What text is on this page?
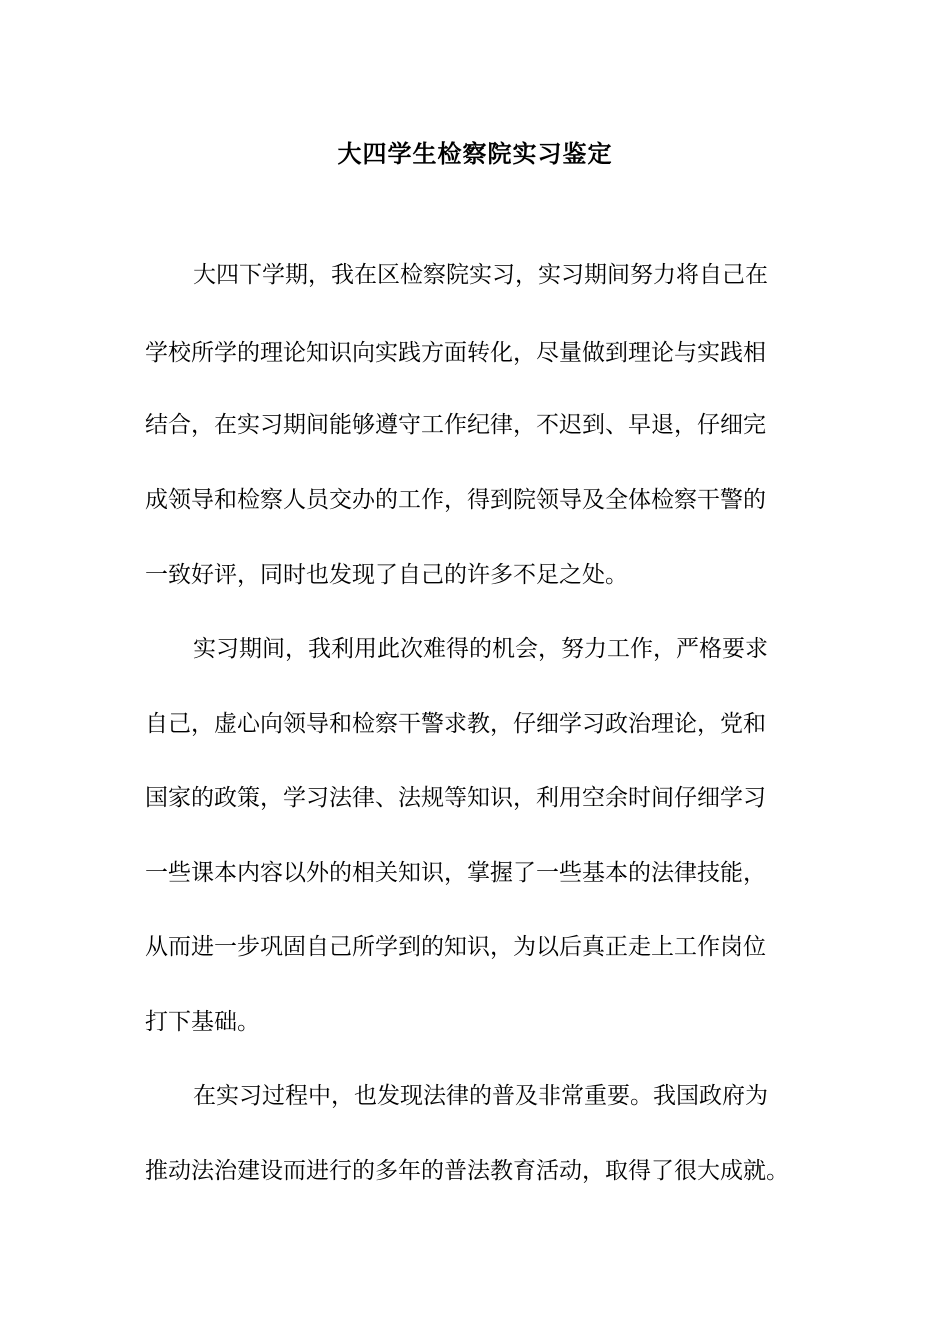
大四学生检察院实习鉴定

大四下学期，我在区检察院实习，实习期间努力将自己在

学校所学的理论知识向实践方面转化，尽量做到理论与实践相

结合，在实习期间能够遵守工作纪律，不迟到、早退，仔细完

成领导和检察人员交办的工作，得到院领导及全体检察干警的

一致好评，同时也发现了自己的许多不足之处。

实习期间，我利用此次难得的机会，努力工作，严格要求

自己，虚心向领导和检察干警求教，仔细学习政治理论，党和

国家的政策，学习法律、法规等知识，利用空余时间仔细学习

一些课本内容以外的相关知识，掌握了一些基本的法律技能，

从而进一步巩固自己所学到的知识，为以后真正走上工作岗位

打下基础。

在实习过程中，也发现法律的普及非常重要。我国政府为

推动法治建设而进行的多年的普法教育活动，取得了很大成就。
